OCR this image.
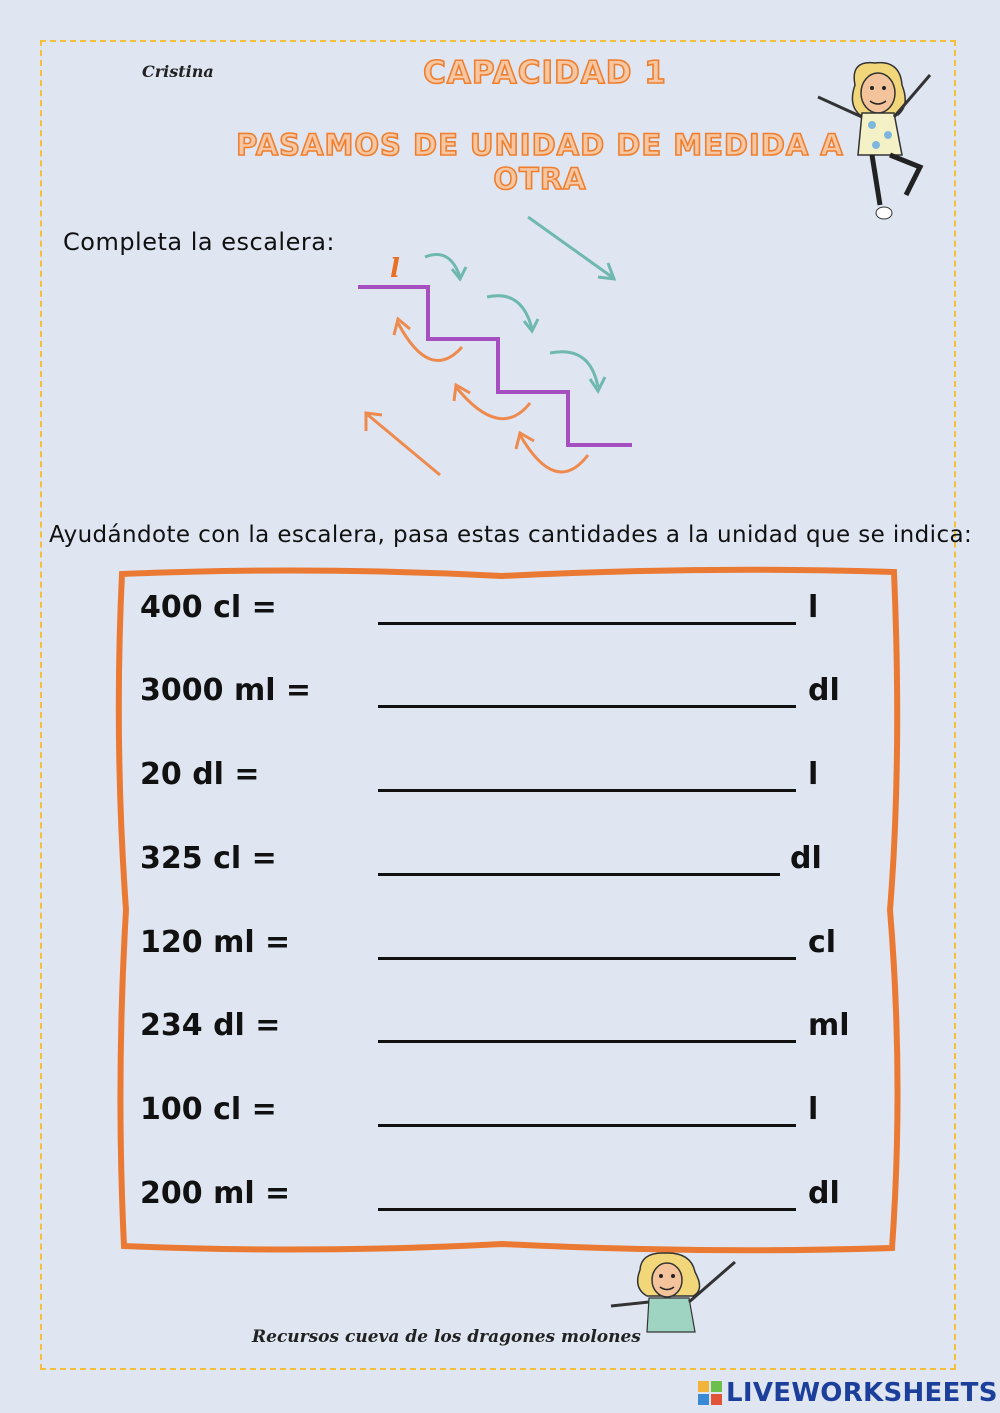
Cristina	CAPACIDAD 1
PASAMOS DE UNIDAD DE MEDIDA A OTRA
Completa la escalera:
l
Ayudándote con la escalera, pasa estas cantidades a la unidad que se indica:
400 cl =	l
3000 ml =	dl
20 dl =	l
325 cl =	dl
120 ml =	cl
234 dl =	ml
100 cl =	l
200 ml =	dl
Recursos cueva de los dragones molones
LIVEWORKSHEETS
